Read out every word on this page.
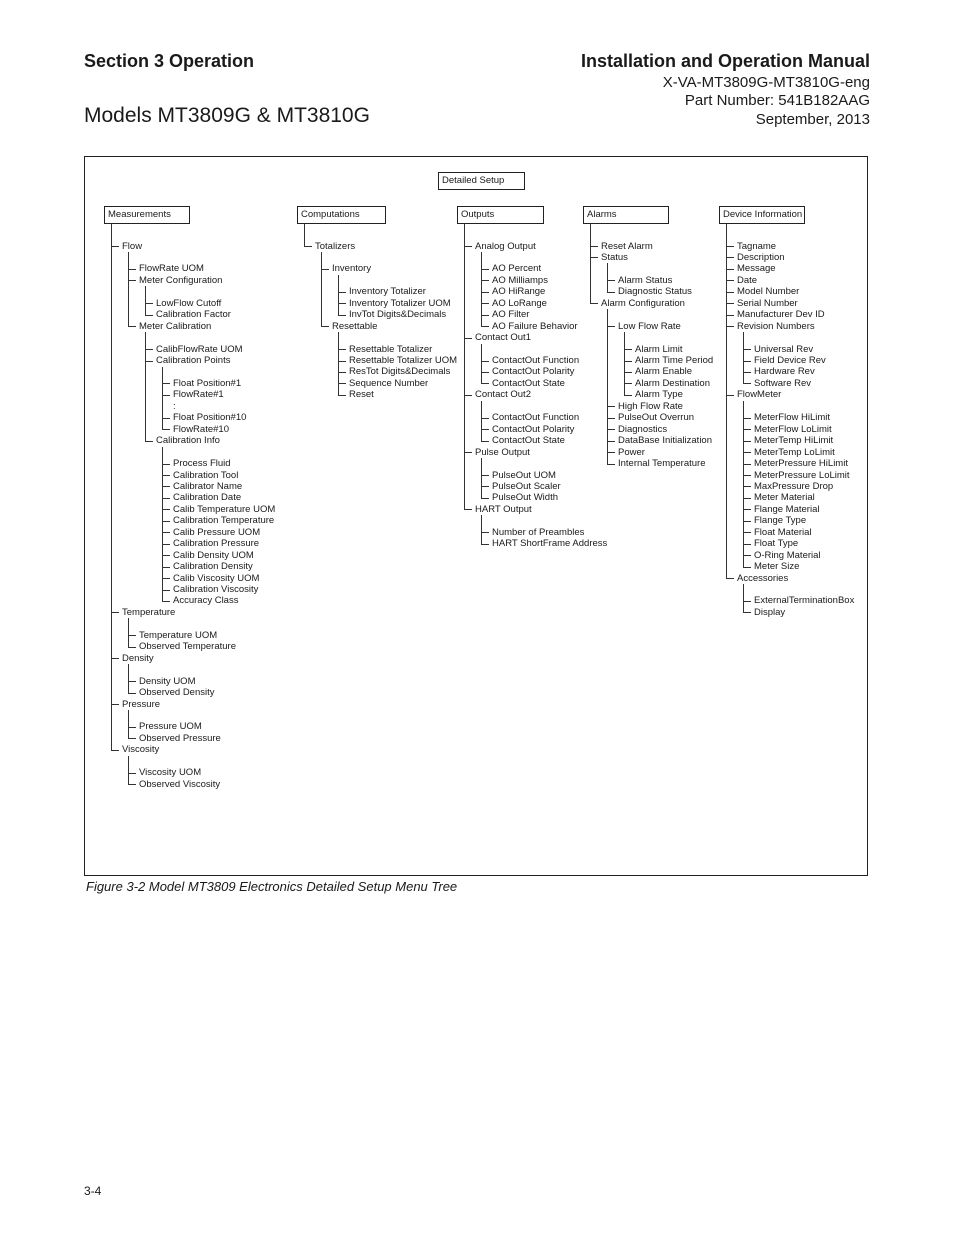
Section 3 Operation
Models MT3809G & MT3810G
Installation and Operation Manual
X-VA-MT3809G-MT3810G-eng
Part Number: 541B182AAG
September, 2013
Detailed Setup
Measurements
Flow
FlowRate UOM
Meter Configuration
LowFlow Cutoff
Calibration Factor
Meter Calibration
CalibFlowRate UOM
Calibration Points
Float Position#1
FlowRate#1
:
Float Position#10
FlowRate#10
Calibration Info
Process Fluid
Calibration Tool
Calibrator Name
Calibration Date
Calib Temperature UOM
Calibration Temperature
Calib Pressure UOM
Calibration Pressure
Calib Density UOM
Calibration Density
Calib Viscosity UOM
Calibration Viscosity
Accuracy Class
Temperature
Temperature UOM
Observed Temperature
Density
Density UOM
Observed Density
Pressure
Pressure UOM
Observed Pressure
Viscosity
Viscosity UOM
Observed Viscosity
Computations
Totalizers
Inventory
Inventory Totalizer
Inventory Totalizer UOM
InvTot Digits&Decimals
Resettable
Resettable Totalizer
Resettable Totalizer UOM
ResTot Digits&Decimals
Sequence Number
Reset
Outputs
Analog Output
AO Percent
AO Milliamps
AO HiRange
AO LoRange
AO Filter
AO Failure Behavior
Contact Out1
ContactOut Function
ContactOut Polarity
ContactOut State
Contact Out2
ContactOut Function
ContactOut Polarity
ContactOut State
Pulse Output
PulseOut UOM
PulseOut Scaler
PulseOut Width
HART Output
Number of Preambles
HART ShortFrame Address
Alarms
Reset Alarm
Status
Alarm Status
Diagnostic Status
Alarm Configuration
Low Flow Rate
Alarm Limit
Alarm Time Period
Alarm Enable
Alarm Destination
Alarm Type
High Flow Rate
PulseOut Overrun
Diagnostics
DataBase Initialization
Power
Internal Temperature
Device Information
Tagname
Description
Message
Date
Model Number
Serial Number
Manufacturer Dev ID
Revision Numbers
Universal Rev
Field Device Rev
Hardware Rev
Software Rev
FlowMeter
MeterFlow HiLimit
MeterFlow LoLimit
MeterTemp HiLimit
MeterTemp LoLimit
MeterPressure HiLimit
MeterPressure LoLimit
MaxPressure Drop
Meter Material
Flange Material
Flange Type
Float Material
Float Type
O-Ring Material
Meter Size
Accessories
ExternalTerminationBox
Display
Figure 3-2 Model MT3809 Electronics Detailed Setup Menu Tree
3-4
